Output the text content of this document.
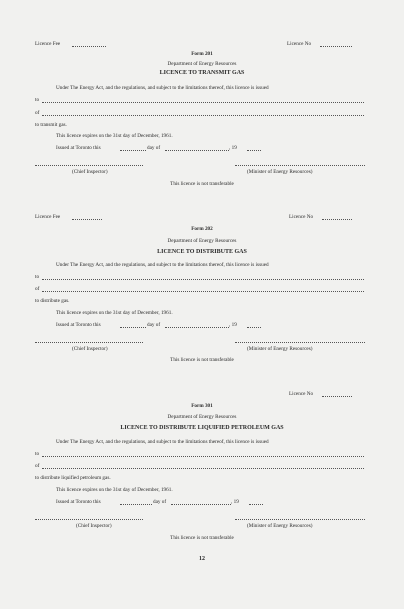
Licence Fee	Licence No
Form 201
Department of Energy Resources
LICENCE TO TRANSMIT GAS
Under The Energy Act, and the regulations, and subject to the limitations thereof, this licence is issued
to
of
to transmit gas.
This licence expires on the 31st day of December, 1961.
Issued at Toronto this	day of	, 19
(Chief Inspector)	(Minister of Energy Resources)
This licence is not transferable
Licence Fee	Licence No
Form 202
Department of Energy Resources
LICENCE TO DISTRIBUTE GAS
Under The Energy Act, and the regulations, and subject to the limitations thereof, this licence is issued
to
of
to distribute gas.
This licence expires on the 31st day of December, 1961.
Issued at Toronto this	day of	, 19
(Chief Inspector)	(Minister of Energy Resources)
This licence is not transferable
Licence No
Form 301
Department of Energy Resources
LICENCE TO DISTRIBUTE LIQUIFIED PETROLEUM GAS
Under The Energy Act, and the regulations, and subject to the limitations thereof, this licence is issued
to
of
to distribute liquified petroleum gas.
This licence expires on the 31st day of December, 1961.
Issued at Toronto this	day of	, 19
(Chief Inspector)	(Minister of Energy Resources)
This licence is not transferable
12
